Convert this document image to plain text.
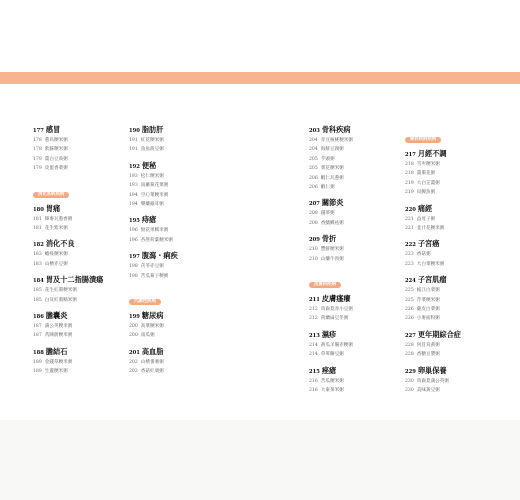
177 感冒
178 蔥烏粳米粥
178 紫蘇粳米粥
179 薑白豆豉粥
179 皮蛋香菜粥
消化系統疾病
180 胃痛
181 韓麥瓦蔥香粥
181 花生紫米粥
182 消化不良
183 蟾疫粳米粥
183 山楂赤豆粥
184 胃及十二指腸潰瘍
185 花生紅棗粳米粥
185 白及紅棗糯米粥
186 膽囊炎
187 蒲公英粳米粥
187 芮陳蔚粳米粥
188 膽結石
189 金錢草粳米粥
189 生蓋粳米粥
190 脂肪肝
191 紅花粳米粥
191 魚魚菠豆粥
192 便秘
193 松仁粳米粥
193 雨蘿菊花菜粥
194 空心菜粳米粥
194 樂藥銀耳粥
195 痔瘡
196 無花果糯米粥
196 杏蔗荷葉粳米粥
197 腹瀉・痢疾
198 茯苓赤豆粥
198 苦瓜菊子粳粥
代謝性疾病
199 糖尿病
200 高菜粳米粥
200 南瓜粥
201 高血脂
202 山楂番薯粥
202 香菇紅栗粥
203 骨科疾病
204 赤豆核桃粳米粥
204 海鮮豆腐粥
205 芋頭粥
205 菜花粳米粥
206 蝦仁瓦蔥粥
206 蝦仁粥
207 關節炎
208 錢茶粥
208 香鰭鰻祛粥
209 骨折
210 豐鮮粳米粥
210 山藥牛肉粥
皮膚科疾病
211 皮膚瘙癢
212 馬齒莧赤小豆粥
212 荷蘭扁豆冬粥
213 濕疹
214 黃瓜羊腸赤粳粥
214 草萆薢豆粥
215 痤瘡
216 苦瓜粳米粥
216 大東茶米粥
婦科疾病疾病
217 月經不調
218 雪枣粳米粥
218 薑棗花粥
219 大白芷薑粥
219 烏鰻魚粥
220 痛經
221 益母子粥
221 韭汁花粳米粥
222 子宮癌
223 香菇粥
223 大白菜粳米粥
224 子宮肌瘤
225 帳江白菜粥
225 芹菜粳米粥
226 薩皮白菜粥
226 小麥面粉粥
227 更年期綜合症
228 何首烏黃粥
228 香糖豆漿粥
229 卵巢保養
230 馬齒莧蒲公英粥
230 美味黃豆粥
